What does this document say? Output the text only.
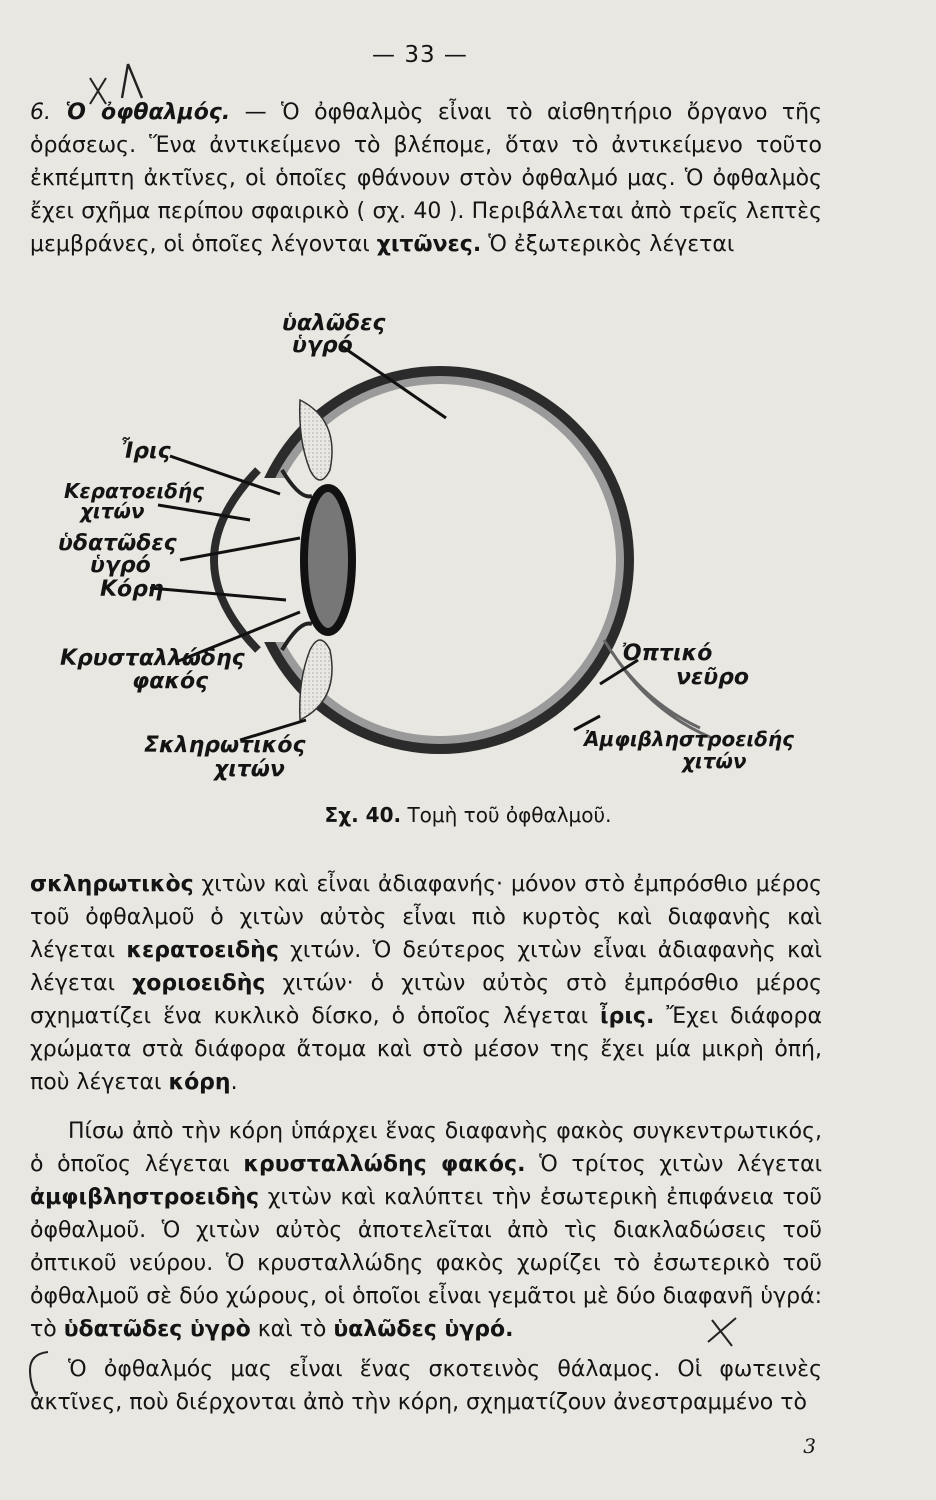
— 33 —

6. Ὁ ὀφθαλμός. — Ὁ ὀφθαλμὸς εἶναι τὸ αἰσθητήριο ὄργανο τῆς ὁράσεως. Ἕνα ἀντικείμενο τὸ βλέπομε, ὅταν τὸ ἀντικείμενο τοῦτο ἐκπέμπτη ἀκτῖνες, οἱ ὁποῖες φθάνουν στὸν ὀφθαλμό μας. Ὁ ὀφθαλμὸς ἔχει σχῆμα περίπου σφαιρικὸ ( σχ. 40 ). Περιβάλλεται ἀπὸ τρεῖς λεπτὲς μεμβράνες, οἱ ὁποῖες λέγονται χιτῶνες. Ὁ ἐξωτερικὸς λέγεται

ὑαλῶδες
ὑγρό
Ἶρις
Κερατοειδής
χιτών
ὑδατῶδες
ὑγρό
Κόρη
Κρυσταλλώδης
φακός
Σκληρωτικός
χιτών
Ὀπτικό
νεῦρο
Ἀμφιβληστροειδής
χιτών
Σχ. 40. Τομὴ τοῦ ὀφθαλμοῦ.

σκληρωτικὸς χιτὼν καὶ εἶναι ἀδιαφανής· μόνον στὸ ἐμπρόσθιο μέρος τοῦ ὀφθαλμοῦ ὁ χιτὼν αὐτὸς εἶναι πιὸ κυρτὸς καὶ διαφανὴς καὶ λέγεται κερατοειδὴς χιτών. Ὁ δεύτερος χιτὼν εἶναι ἀδιαφανὴς καὶ λέγεται χοριοειδὴς χιτών· ὁ χιτὼν αὐτὸς στὸ ἐμπρόσθιο μέρος σχηματίζει ἕνα κυκλικὸ δίσκο, ὁ ὁποῖος λέγεται ἶρις. Ἔχει διάφορα χρώματα στὰ διάφορα ἄτομα καὶ στὸ μέσον της ἔχει μία μικρὴ ὀπή, ποὺ λέγεται κόρη.

Πίσω ἀπὸ τὴν κόρη ὑπάρχει ἕνας διαφανὴς φακὸς συγκεντρωτικός, ὁ ὁποῖος λέγεται κρυσταλλώδης φακός. Ὁ τρίτος χιτὼν λέγεται ἀμφιβληστροειδὴς χιτὼν καὶ καλύπτει τὴν ἐσωτερικὴ ἐπιφάνεια τοῦ ὀφθαλμοῦ. Ὁ χιτὼν αὐτὸς ἀποτελεῖται ἀπὸ τὶς διακλαδώσεις τοῦ ὀπτικοῦ νεύρου. Ὁ κρυσταλλώδης φακὸς χωρίζει τὸ ἐσωτερικὸ τοῦ ὀφθαλμοῦ σὲ δύο χώρους, οἱ ὁποῖοι εἶναι γεμᾶτοι μὲ δύο διαφανῆ ὑγρά: τὸ ὑδατῶδες ὑγρὸ καὶ τὸ ὑαλῶδες ὑγρό.

Ὁ ὀφθαλμός μας εἶναι ἕνας σκοτεινὸς θάλαμος. Οἱ φωτεινὲς ἀκτῖνες, ποὺ διέρχονται ἀπὸ τὴν κόρη, σχηματίζουν ἀνεστραμμένο τὸ

3
